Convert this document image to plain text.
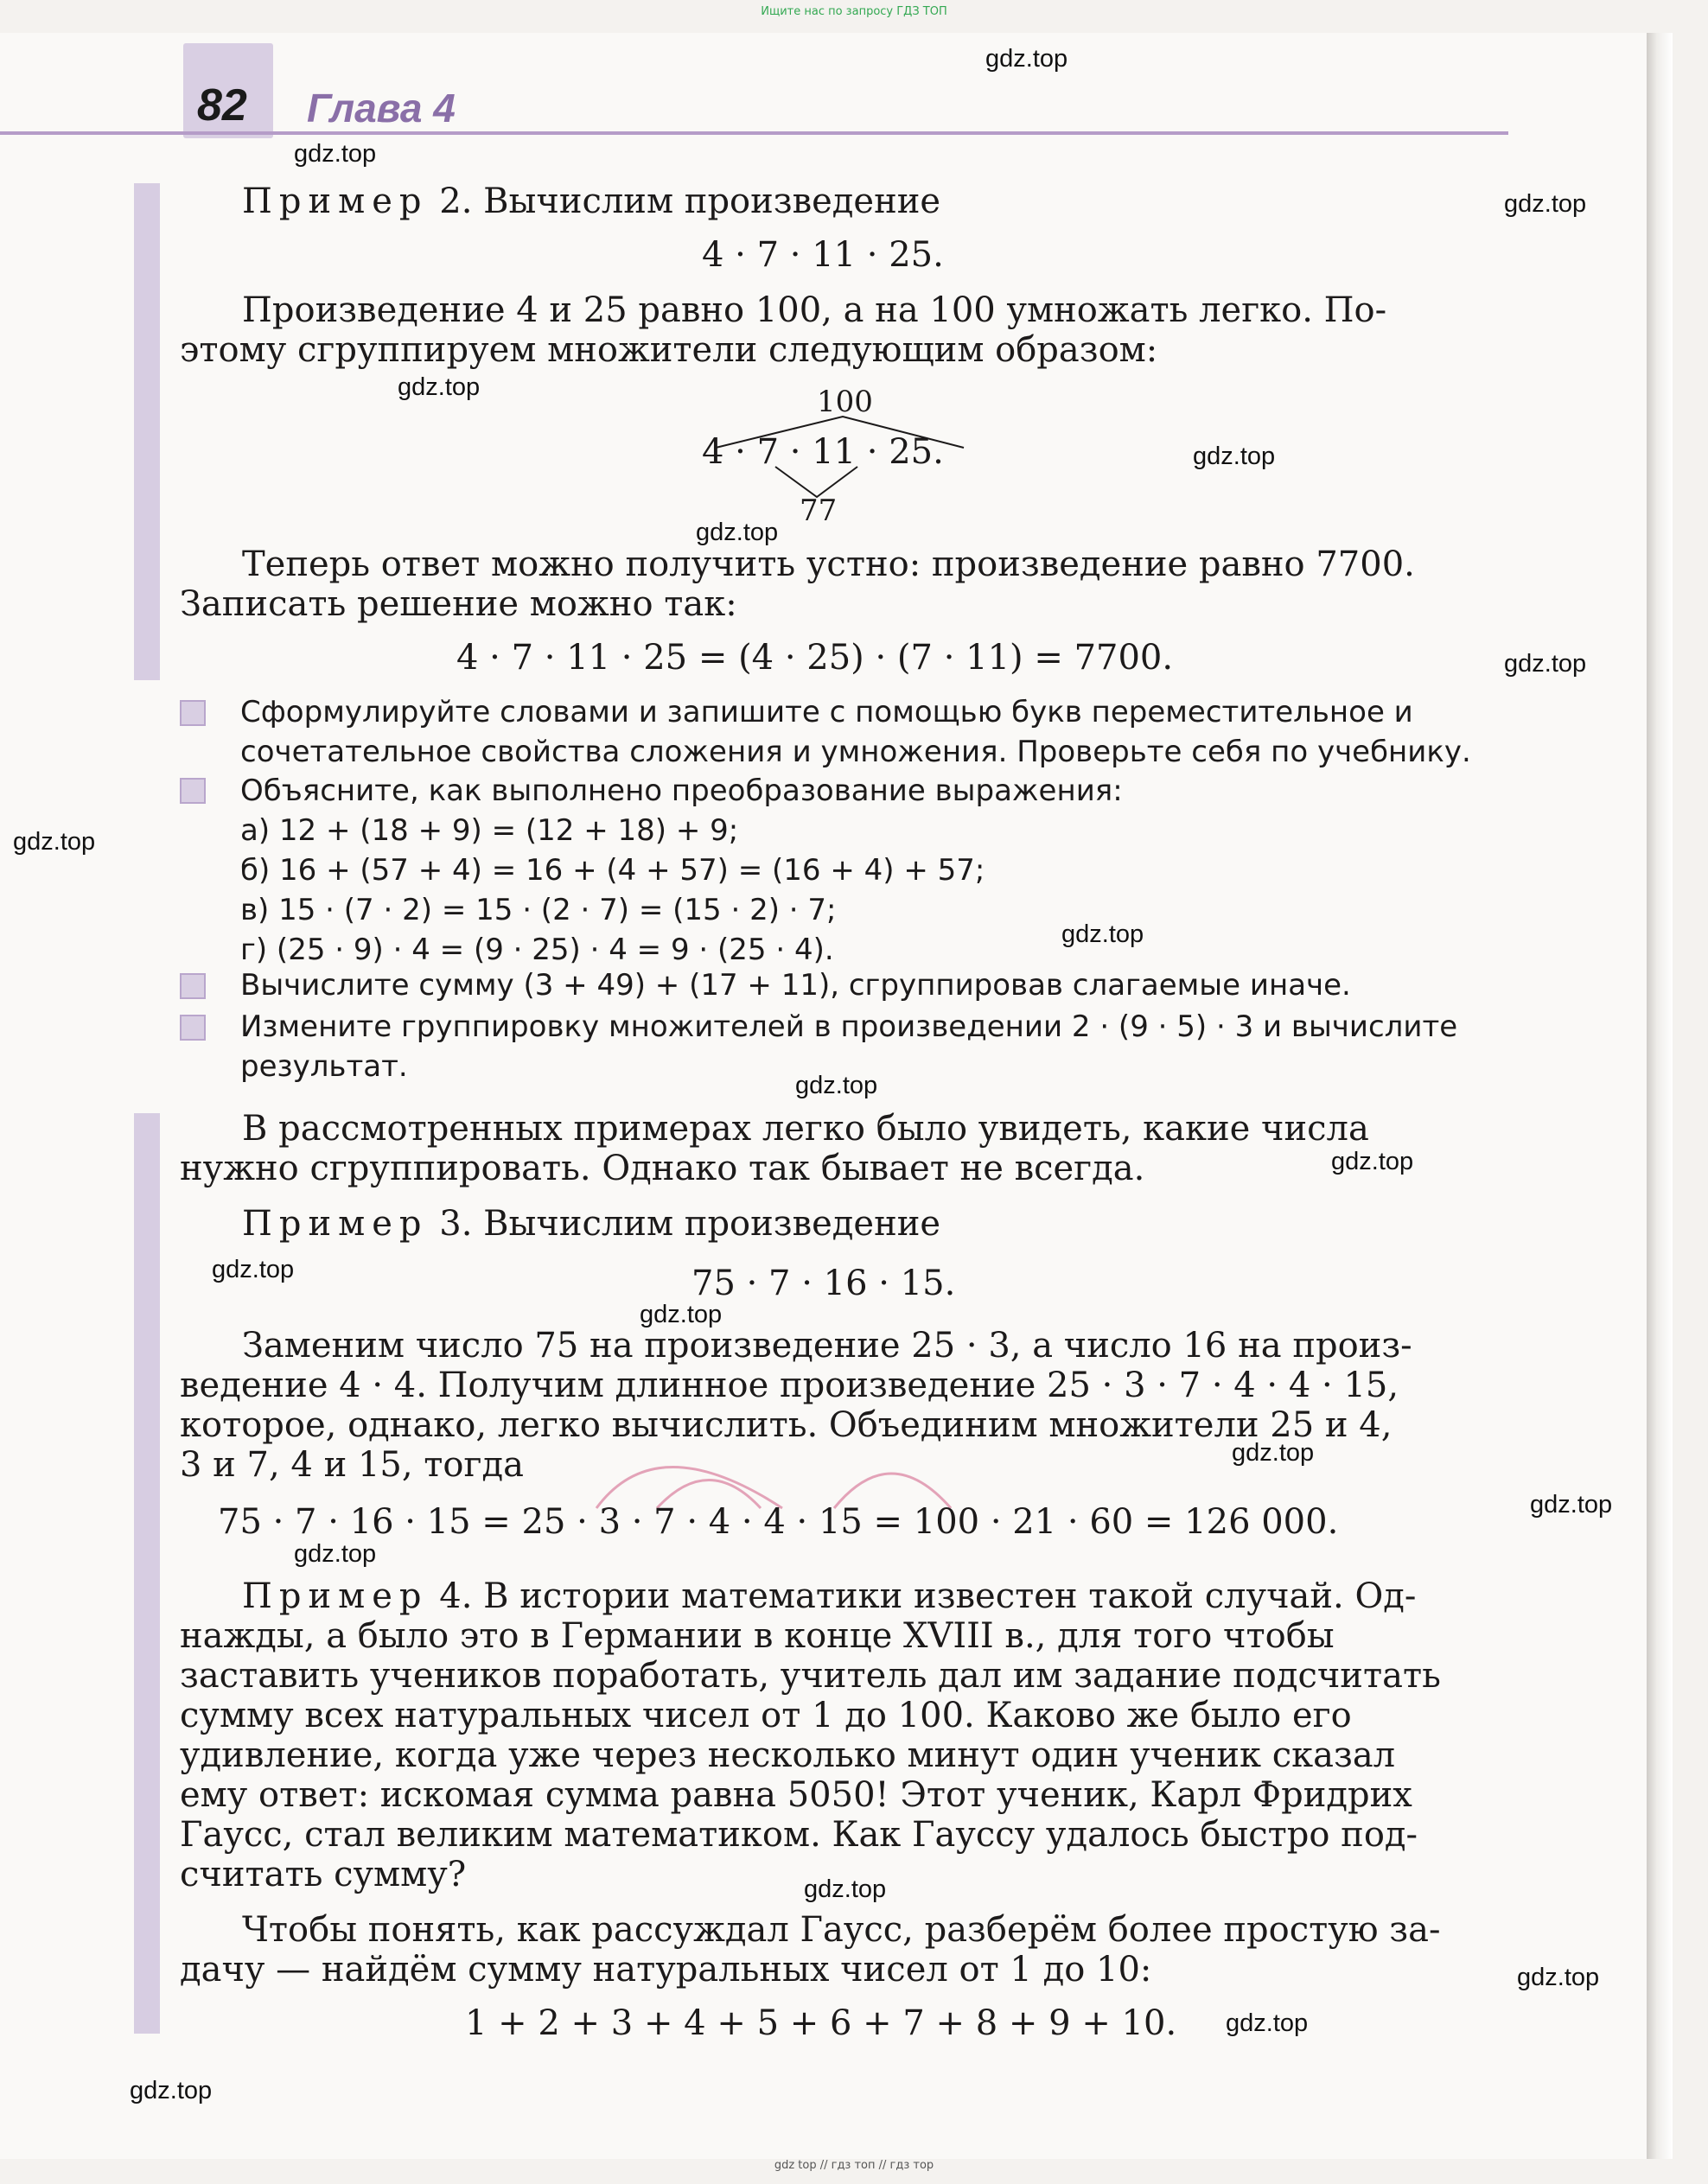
Ищите нас по запросу ГДЗ ТОП
82 Глава 4
Пример 2. Вычислим произведение
4 · 7 · 11 · 25.
Произведение 4 и 25 равно 100, а на 100 умножать легко. По-
этому сгруппируем множители следующим образом:
100
4 · 7 · 11 · 25.
77
Теперь ответ можно получить устно: произведение равно 7700.
Записать решение можно так:
4 · 7 · 11 · 25 = (4 · 25) · (7 · 11) = 7700.
Сформулируйте словами и запишите с помощью букв переместительное и
сочетательное свойства сложения и умножения. Проверьте себя по учебнику.
Объясните, как выполнено преобразование выражения:
а) 12 + (18 + 9) = (12 + 18) + 9;
б) 16 + (57 + 4) = 16 + (4 + 57) = (16 + 4) + 57;
в) 15 · (7 · 2) = 15 · (2 · 7) = (15 · 2) · 7;
г) (25 · 9) · 4 = (9 · 25) · 4 = 9 · (25 · 4).
Вычислите сумму (3 + 49) + (17 + 11), сгруппировав слагаемые иначе.
Измените группировку множителей в произведении 2 · (9 · 5) · 3 и вычислите
результат.
В рассмотренных примерах легко было увидеть, какие числа
нужно сгруппировать. Однако так бывает не всегда.
Пример 3. Вычислим произведение
75 · 7 · 16 · 15.
Заменим число 75 на произведение 25 · 3, а число 16 на произ-
ведение 4 · 4. Получим длинное произведение 25 · 3 · 7 · 4 · 4 · 15,
которое, однако, легко вычислить. Объединим множители 25 и 4,
3 и 7, 4 и 15, тогда
75 · 7 · 16 · 15 = 25 · 3 · 7 · 4 · 4 · 15 = 100 · 21 · 60 = 126 000.
Пример 4. В истории математики известен такой случай. Од-
нажды, а было это в Германии в конце XVIII в., для того чтобы
заставить учеников поработать, учитель дал им задание подсчитать
сумму всех натуральных чисел от 1 до 100. Каково же было его
удивление, когда уже через несколько минут один ученик сказал
ему ответ: искомая сумма равна 5050! Этот ученик, Карл Фридрих
Гаусс, стал великим математиком. Как Гауссу удалось быстро под-
считать сумму?
Чтобы понять, как рассуждал Гаусс, разберём более простую за-
дачу — найдём сумму натуральных чисел от 1 до 10:
1 + 2 + 3 + 4 + 5 + 6 + 7 + 8 + 9 + 10.
gdz.top
gdz.top
gdz.top
gdz.top
gdz.top
gdz.top
gdz.top
gdz.top
gdz.top
gdz.top
gdz.top
gdz.top
gdz.top
gdz.top
gdz.top
gdz.top
gdz.top
gdz.top
gdz.top
gdz.top
gdz top // гдз топ // гдз тор
